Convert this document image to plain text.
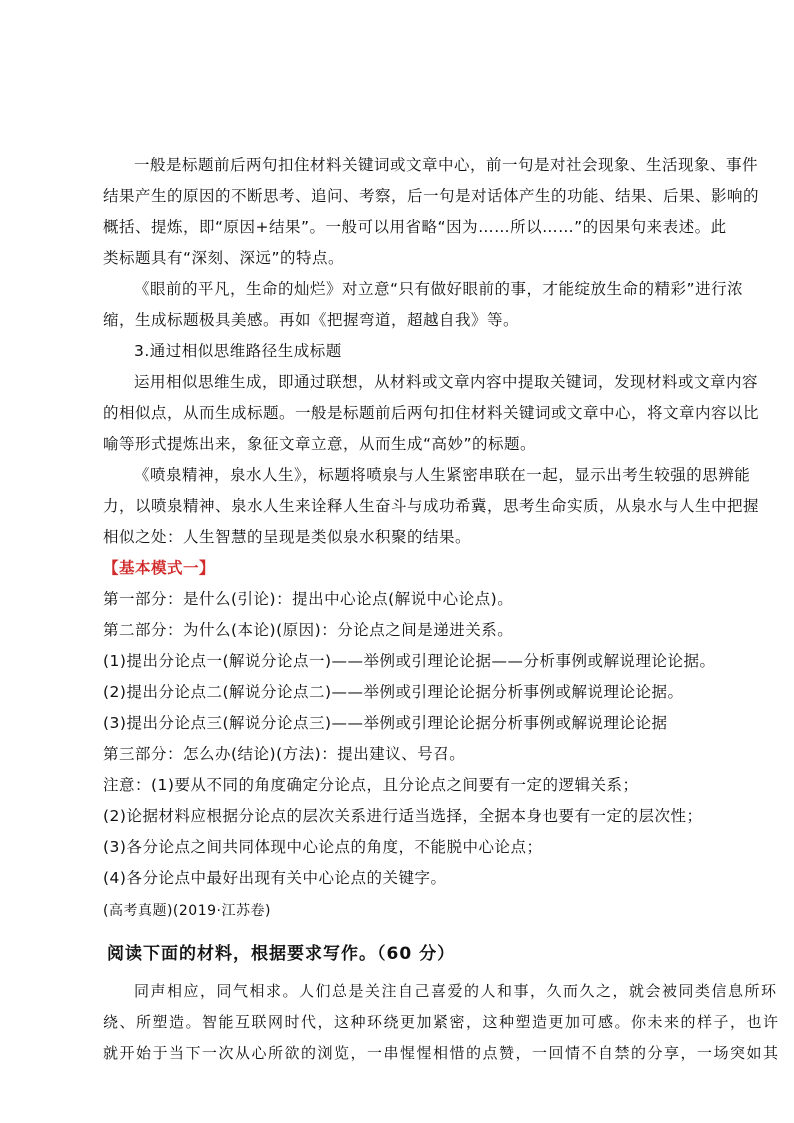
一般是标题前后两句扣住材料关键词或文章中心，前一句是对社会现象、生活现象、事件
结果产生的原因的不断思考、追问、考察，后一句是对话体产生的功能、结果、后果、影响的
概括、提炼，即“原因+结果”。一般可以用省略“因为……所以……”的因果句来表述。此
类标题具有“深刻、深远”的特点。
《眼前的平凡，生命的灿烂》对立意“只有做好眼前的事，才能绽放生命的精彩”进行浓
缩，生成标题极具美感。再如《把握弯道，超越自我》等。
3.通过相似思维路径生成标题
运用相似思维生成，即通过联想，从材料或文章内容中提取关键词，发现材料或文章内容
的相似点，从而生成标题。一般是标题前后两句扣住材料关键词或文章中心，将文章内容以比
喻等形式提炼出来，象征文章立意，从而生成“高妙”的标题。
《喷泉精神，泉水人生》，标题将喷泉与人生紧密串联在一起，显示出考生较强的思辨能
力，以喷泉精神、泉水人生来诠释人生奋斗与成功希冀，思考生命实质，从泉水与人生中把握
相似之处：人生智慧的呈现是类似泉水积聚的结果。
【基本模式一】
第一部分：是什么(引论)：提出中心论点(解说中心论点)。
第二部分：为什么(本论)(原因)：分论点之间是递进关系。
(1)提出分论点一(解说分论点一)——举例或引理论论据——分析事例或解说理论论据。
(2)提出分论点二(解说分论点二)——举例或引理论论据分析事例或解说理论论据。
(3)提出分论点三(解说分论点三)——举例或引理论论据分析事例或解说理论论据
第三部分：怎么办(结论)(方法)：提出建议、号召。
注意：(1)要从不同的角度确定分论点，且分论点之间要有一定的逻辑关系；
(2)论据材料应根据分论点的层次关系进行适当选择，全据本身也要有一定的层次性；
(3)各分论点之间共同体现中心论点的角度，不能脱中心论点；
(4)各分论点中最好出现有关中心论点的关键字。
(高考真题)(2019·江苏卷)
阅读下面的材料，根据要求写作。（60 分）
同声相应，同气相求。人们总是关注自己喜爱的人和事，久而久之，就会被同类信息所环
绕、所塑造。智能互联网时代，这种环绕更加紧密，这种塑造更加可感。你未来的样子，也许
就开始于当下一次从心所欲的浏览，一串惺惺相惜的点赞，一回情不自禁的分享，一场突如其
